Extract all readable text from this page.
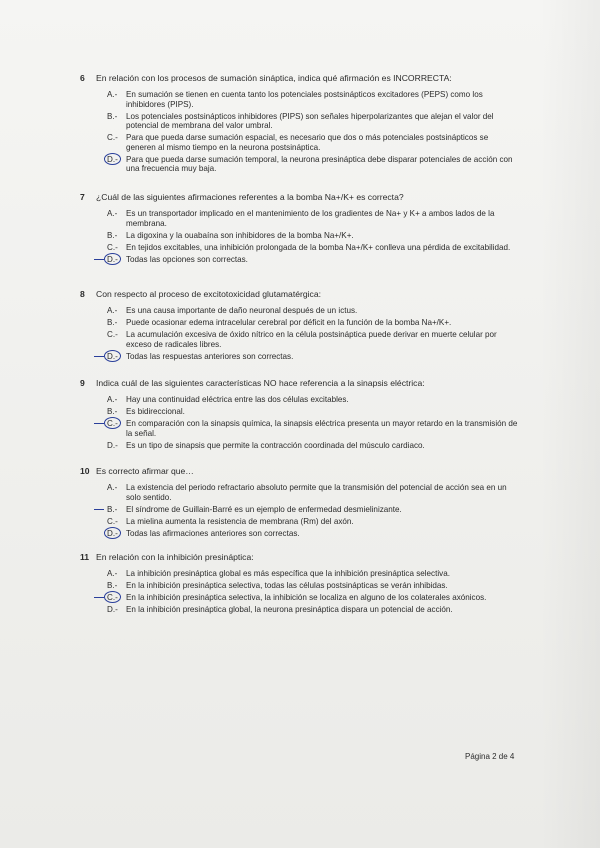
6	En relación con los procesos de sumación sináptica, indica qué afirmación es INCORRECTA:
A.-	En sumación se tienen en cuenta tanto los potenciales postsinápticos excitadores (PEPS) como los inhibidores (PIPS).
B.-	Los potenciales postsinápticos inhibidores (PIPS) son señales hiperpolarizantes que alejan el valor del potencial de membrana del valor umbral.
C.-	Para que pueda darse sumación espacial, es necesario que dos o más potenciales postsinápticos se generen al mismo tiempo en la neurona postsináptica.
D.-	Para que pueda darse sumación temporal, la neurona presináptica debe disparar potenciales de acción con una frecuencia muy baja.
7	¿Cuál de las siguientes afirmaciones referentes a la bomba Na+/K+ es correcta?
A.-	Es un transportador implicado en el mantenimiento de los gradientes de Na+ y K+ a ambos lados de la membrana.
B.-	La digoxina y la ouabaína son inhibidores de la bomba Na+/K+.
C.-	En tejidos excitables, una inhibición prolongada de la bomba Na+/K+ conlleva una pérdida de excitabilidad.
D.-	Todas las opciones son correctas.
8	Con respecto al proceso de excitotoxicidad glutamatérgica:
A.-	Es una causa importante de daño neuronal después de un ictus.
B.-	Puede ocasionar edema intracelular cerebral por déficit en la función de la bomba Na+/K+.
C.-	La acumulación excesiva de óxido nítrico en la célula postsináptica puede derivar en muerte celular por exceso de radicales libres.
D.-	Todas las respuestas anteriores son correctas.
9	Indica cuál de las siguientes características NO hace referencia a la sinapsis eléctrica:
A.-	Hay una continuidad eléctrica entre las dos células excitables.
B.-	Es bidireccional.
C.-	En comparación con la sinapsis química, la sinapsis eléctrica presenta un mayor retardo en la transmisión de la señal.
D.-	Es un tipo de sinapsis que permite la contracción coordinada del músculo cardiaco.
10 Es correcto afirmar que…
A.-	La existencia del periodo refractario absoluto permite que la transmisión del potencial de acción sea en un solo sentido.
B.-	El síndrome de Guillain-Barré es un ejemplo de enfermedad desmielinizante.
C.-	La mielina aumenta la resistencia de membrana (Rm) del axón.
D.-	Todas las afirmaciones anteriores son correctas.
11 En relación con la inhibición presináptica:
A.-	La inhibición presináptica global es más específica que la inhibición presináptica selectiva.
B.-	En la inhibición presináptica selectiva, todas las células postsinápticas se verán inhibidas.
C.-	En la inhibición presináptica selectiva, la inhibición se localiza en alguno de los colaterales axónicos.
D.-	En la inhibición presináptica global, la neurona presináptica dispara un potencial de acción.
Página 2 de 4
